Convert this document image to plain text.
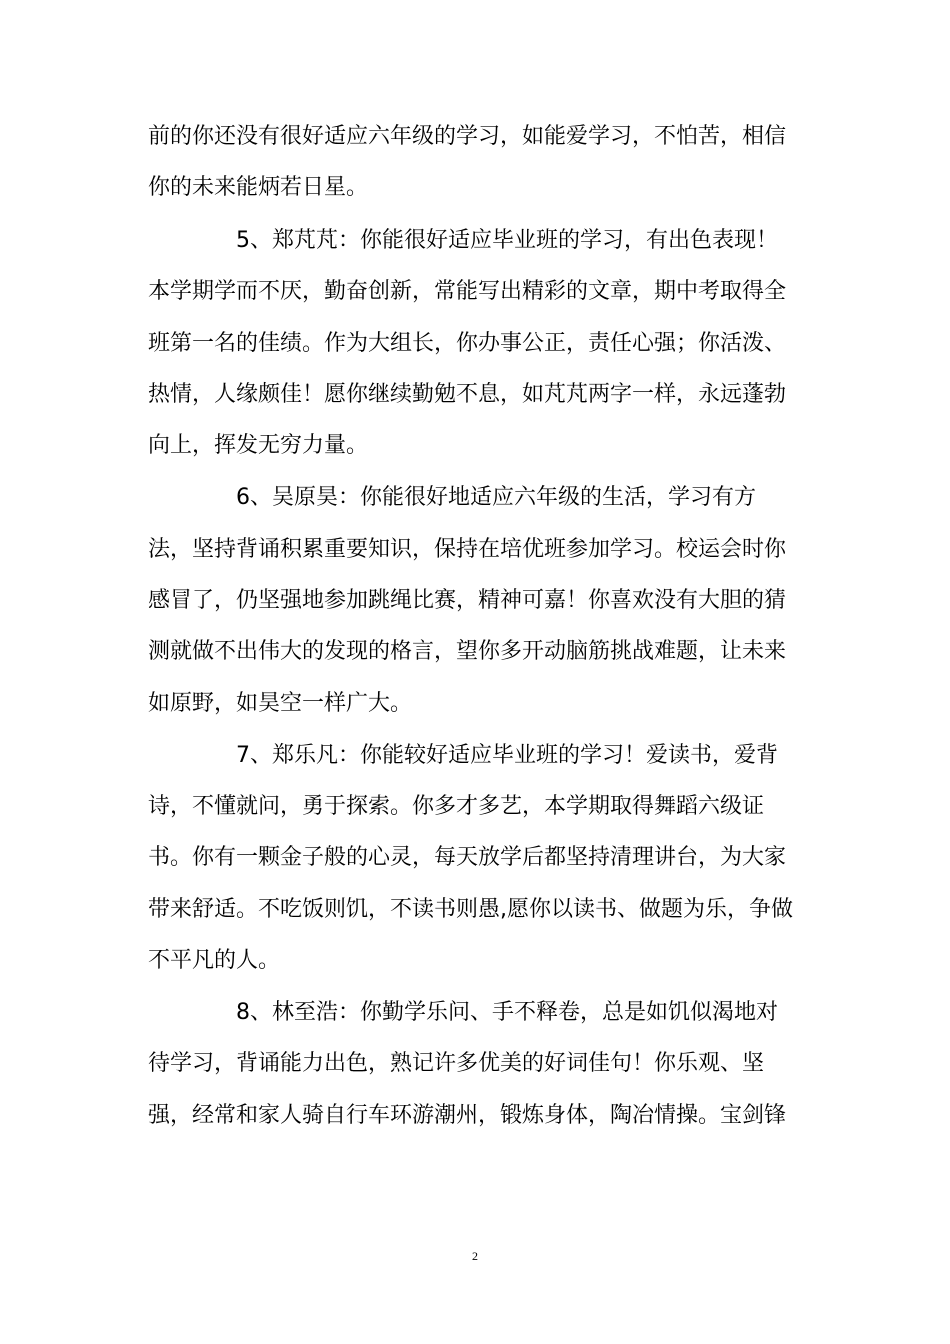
前的你还没有很好适应六年级的学习，如能爱学习，不怕苦，相信
你的未来能炳若日星。
5、郑芃芃：你能很好适应毕业班的学习，有出色表现！
本学期学而不厌，勤奋创新，常能写出精彩的文章，期中考取得全
班第一名的佳绩。作为大组长，你办事公正，责任心强；你活泼、
热情，人缘颇佳！愿你继续勤勉不息，如芃芃两字一样，永远蓬勃
向上，挥发无穷力量。
6、吴原昊：你能很好地适应六年级的生活，学习有方
法，坚持背诵积累重要知识，保持在培优班参加学习。校运会时你
感冒了，仍坚强地参加跳绳比赛，精神可嘉！你喜欢没有大胆的猜
测就做不出伟大的发现的格言，望你多开动脑筋挑战难题，让未来
如原野，如昊空一样广大。
7、郑乐凡：你能较好适应毕业班的学习！爱读书，爱背
诗，不懂就问，勇于探索。你多才多艺，本学期取得舞蹈六级证
书。你有一颗金子般的心灵，每天放学后都坚持清理讲台，为大家
带来舒适。不吃饭则饥，不读书则愚,愿你以读书、做题为乐，争做
不平凡的人。
8、林至浩：你勤学乐问、手不释卷，总是如饥似渴地对
待学习，背诵能力出色，熟记许多优美的好词佳句！你乐观、坚
强，经常和家人骑自行车环游潮州，锻炼身体，陶冶情操。宝剑锋
2
